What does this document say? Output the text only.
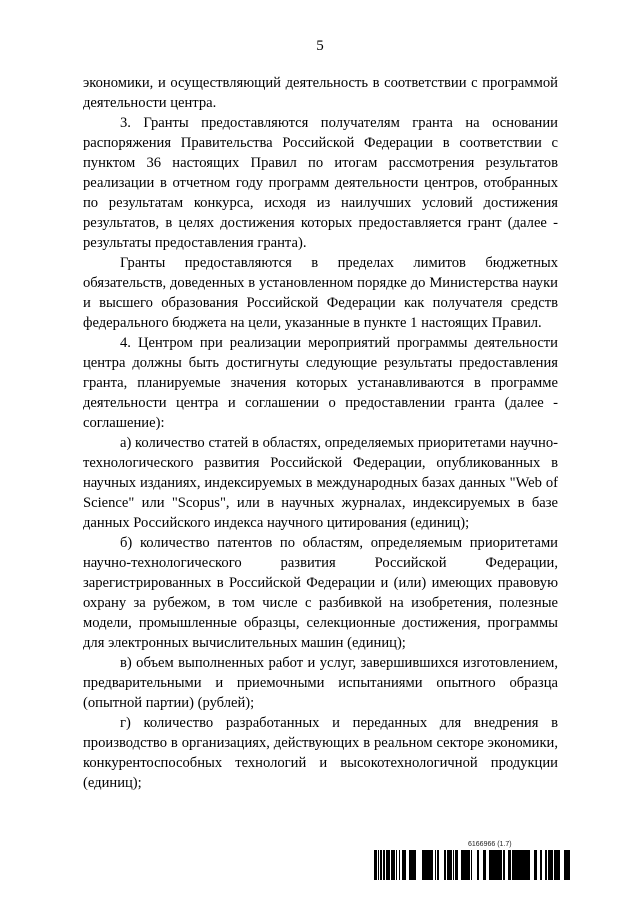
5

экономики, и осуществляющий деятельность в соответствии с программой деятельности центра.

3. Гранты предоставляются получателям гранта на основании распоряжения Правительства Российской Федерации в соответствии с пунктом 36 настоящих Правил по итогам рассмотрения результатов реализации в отчетном году программ деятельности центров, отобранных по результатам конкурса, исходя из наилучших условий достижения результатов, в целях достижения которых предоставляется грант (далее - результаты предоставления гранта).

Гранты предоставляются в пределах лимитов бюджетных обязательств, доведенных в установленном порядке до Министерства науки и высшего образования Российской Федерации как получателя средств федерального бюджета на цели, указанные в пункте 1 настоящих Правил.

4. Центром при реализации мероприятий программы деятельности центра должны быть достигнуты следующие результаты предоставления гранта, планируемые значения которых устанавливаются в программе деятельности центра и соглашении о предоставлении гранта (далее - соглашение):

а) количество статей в областях, определяемых приоритетами научно-технологического развития Российской Федерации, опубликованных в научных изданиях, индексируемых в международных базах данных "Web of Science" или "Scopus", или в научных журналах, индексируемых в базе данных Российского индекса научного цитирования (единиц);

б) количество патентов по областям, определяемым приоритетами научно-технологического развития Российской Федерации, зарегистрированных в Российской Федерации и (или) имеющих правовую охрану за рубежом, в том числе с разбивкой на изобретения, полезные модели, промышленные образцы, селекционные достижения, программы для электронных вычислительных машин (единиц);

в) объем выполненных работ и услуг, завершившихся изготовлением, предварительными и приемочными испытаниями опытного образца (опытной партии) (рублей);

г) количество разработанных и переданных для внедрения в производство в организациях, действующих в реальном секторе экономики, конкурентоспособных технологий и высокотехнологичной продукции (единиц);

6166966 (1.7)
